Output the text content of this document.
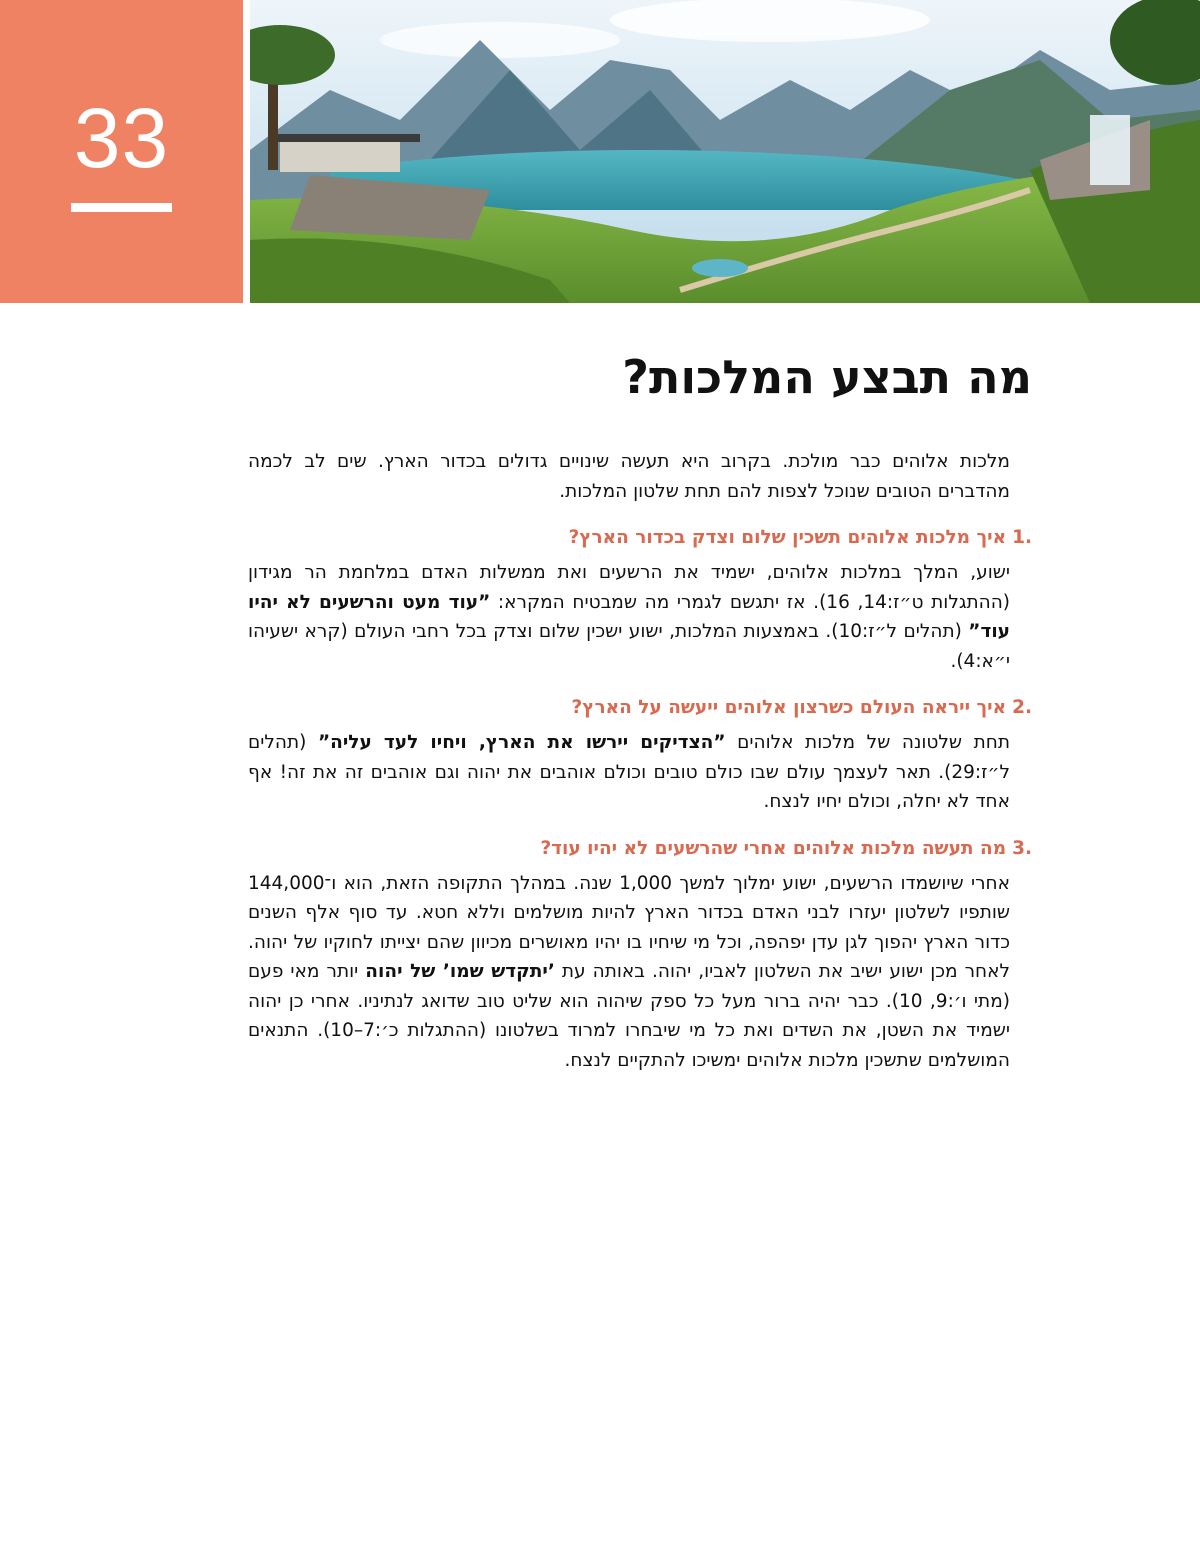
33
מה תבצע המלכות?

מלכות אלוהים כבר מולכת. בקרוב היא תעשה שינויים גדולים בכדור הארץ. שים לב לכמה מהדברים הטובים שנוכל לצפות להם תחת שלטון המלכות.

1.
איך מלכות אלוהים תשכין שלום וצדק בכדור הארץ?

ישוע, המלך במלכות אלוהים, ישמיד את הרשעים ואת ממשלות האדם במלחמת הר מגידון (ההתגלות ט״ז:14, 16). אז יתגשם לגמרי מה שמבטיח המקרא: ”עוד מעט והרשעים לא יהיו עוד” (תהלים ל״ז:10). באמצעות המלכות, ישוע ישכין שלום וצדק בכל רחבי העולם (קרא ישעיהו י״א:4).

2.
איך ייראה העולם כשרצון אלוהים ייעשה על הארץ?

תחת שלטונה של מלכות אלוהים ”הצדיקים יירשו את הארץ, ויחיו לעד עליה” (תהלים ל״ז:29). תאר לעצמך עולם שבו כולם טובים וכולם אוהבים את יהוה וגם אוהבים זה את זה! אף אחד לא יחלה, וכולם יחיו לנצח.

3.
מה תעשה מלכות אלוהים אחרי שהרשעים לא יהיו עוד?

אחרי שיושמדו הרשעים, ישוע ימלוך למשך 1,000 שנה. במהלך התקופה הזאת, הוא ו־144,000 שותפיו לשלטון יעזרו לבני האדם בכדור הארץ להיות מושלמים וללא חטא. עד סוף אלף השנים כדור הארץ יהפוך לגן עדן יפהפה, וכל מי שיחיו בו יהיו מאושרים מכיוון שהם יצייתו לחוקיו של יהוה. לאחר מכן ישוע ישיב את השלטון לאביו, יהוה. באותה עת ’יתקדש שמו’ של יהוה יותר מאי פעם (מתי ו׳:9, 10). כבר יהיה ברור מעל כל ספק שיהוה הוא שליט טוב שדואג לנתיניו. אחרי כן יהוה ישמיד את השטן, את השדים ואת כל מי שיבחרו למרוד בשלטונו (ההתגלות כ׳:7–10). התנאים המושלמים שתשכין מלכות אלוהים ימשיכו להתקיים לנצח.
